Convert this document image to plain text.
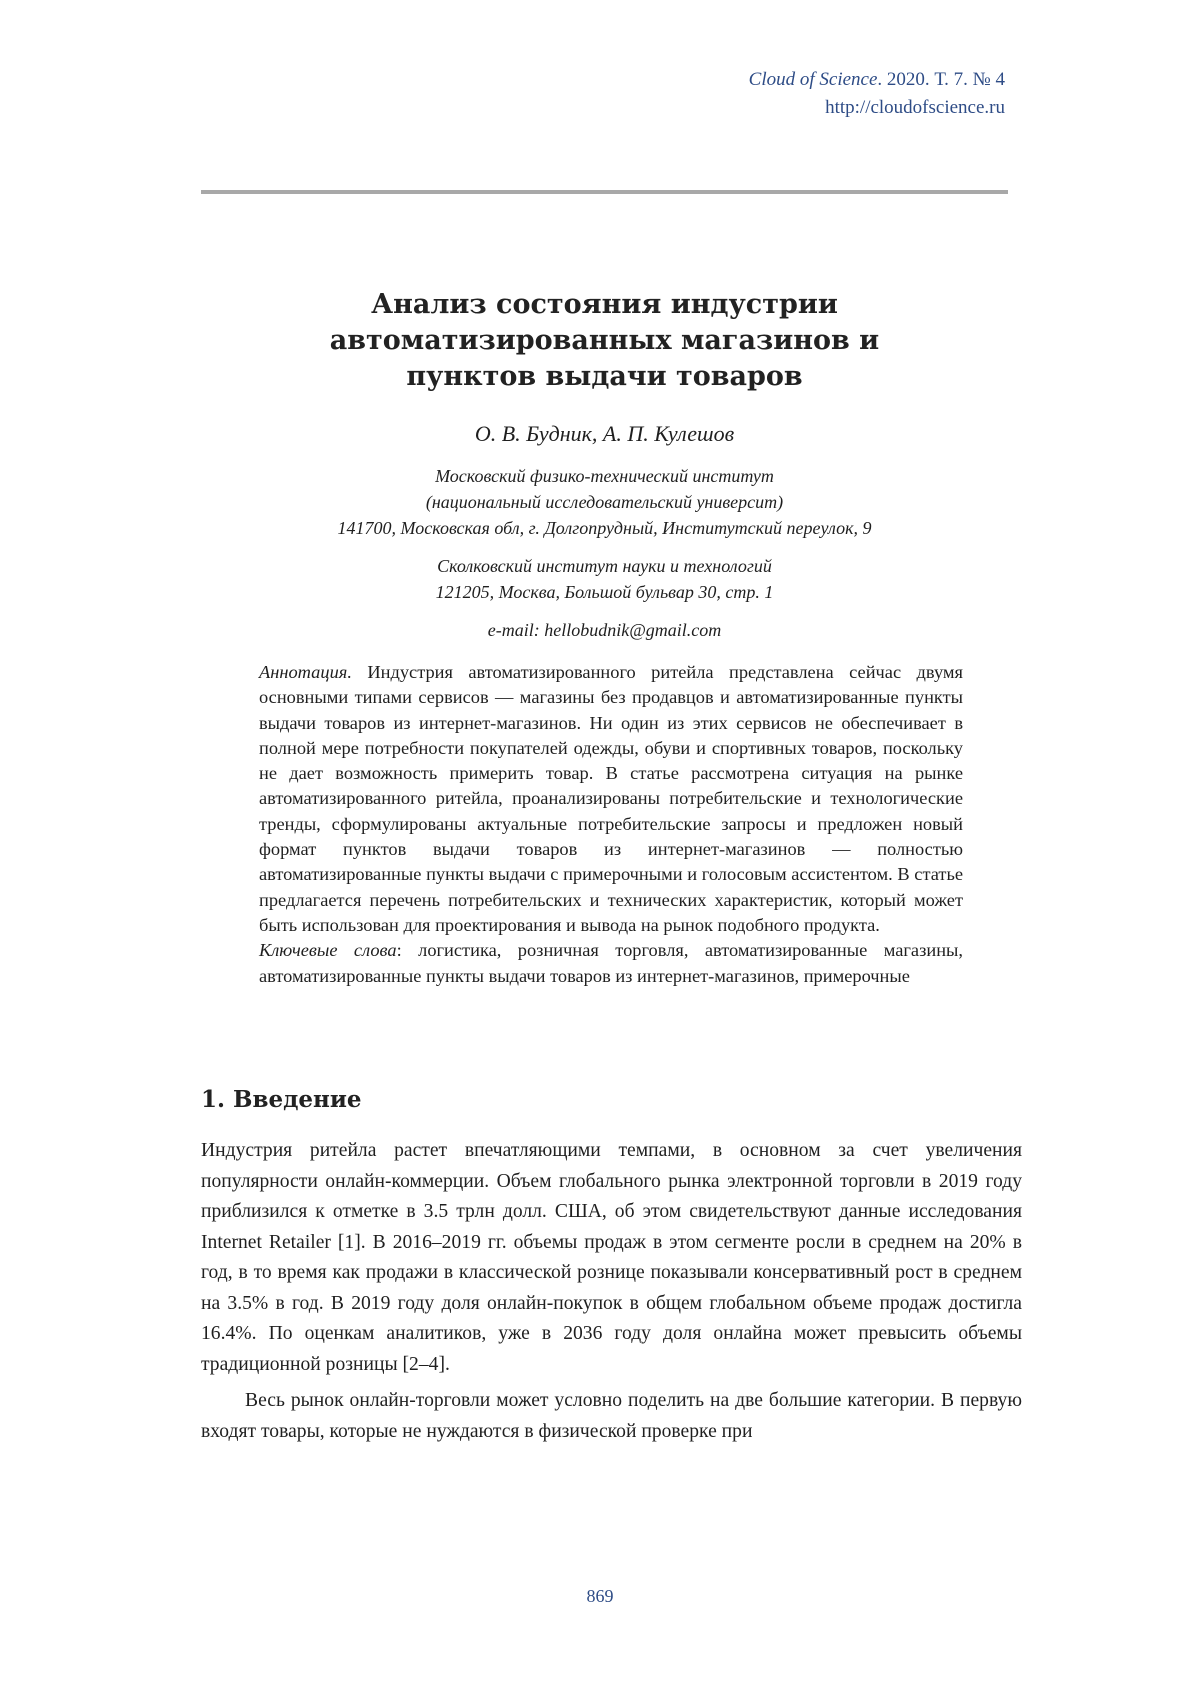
Cloud of Science. 2020. Т. 7. № 4
http://cloudofscience.ru
Анализ состояния индустрии
автоматизированных магазинов и
пунктов выдачи товаров
О. В. Будник, А. П. Кулешов
Московский физико-технический институт
(национальный исследовательский университ)
141700, Московская обл, г. Долгопрудный, Институтский переулок, 9
Сколковский институт науки и технологий
121205, Москва, Большой бульвар 30, стр. 1
e-mail: hellobudnik@gmail.com

Аннотация. Индустрия автоматизированного ритейла представлена сейчас двумя основными типами сервисов — магазины без продавцов и автоматизированные пункты выдачи товаров из интернет-магазинов. Ни один из этих сервисов не обеспечивает в полной мере потребности покупателей одежды, обуви и спортивных товаров, поскольку не дает возможность примерить товар. В статье рассмотрена ситуация на рынке автоматизированного ритейла, проанализированы потребительские и технологические тренды, сформулированы актуальные потребительские запросы и предложен новый формат пунктов выдачи товаров из интернет-магазинов — полностью автоматизированные пункты выдачи с примерочными и голосовым ассистентом. В статье предлагается перечень потребительских и технических характеристик, который может быть использован для проектирования и вывода на рынок подобного продукта.

Ключевые слова: логистика, розничная торговля, автоматизированные магазины, автоматизированные пункты выдачи товаров из интернет-магазинов, примерочные

1. Введение

Индустрия ритейла растет впечатляющими темпами, в основном за счет увеличения популярности онлайн-коммерции. Объем глобального рынка электронной торговли в 2019 году приблизился к отметке в 3.5 трлн долл. США, об этом свидетельствуют данные исследования Internet Retailer [1]. В 2016–2019 гг. объемы продаж в этом сегменте росли в среднем на 20% в год, в то время как продажи в классической рознице показывали консервативный рост в среднем на 3.5% в год. В 2019 году доля онлайн-покупок в общем глобальном объеме продаж достигла 16.4%. По оценкам аналитиков, уже в 2036 году доля онлайна может превысить объемы традиционной розницы [2–4].

Весь рынок онлайн-торговли может условно поделить на две большие категории. В первую входят товары, которые не нуждаются в физической проверке при

869
